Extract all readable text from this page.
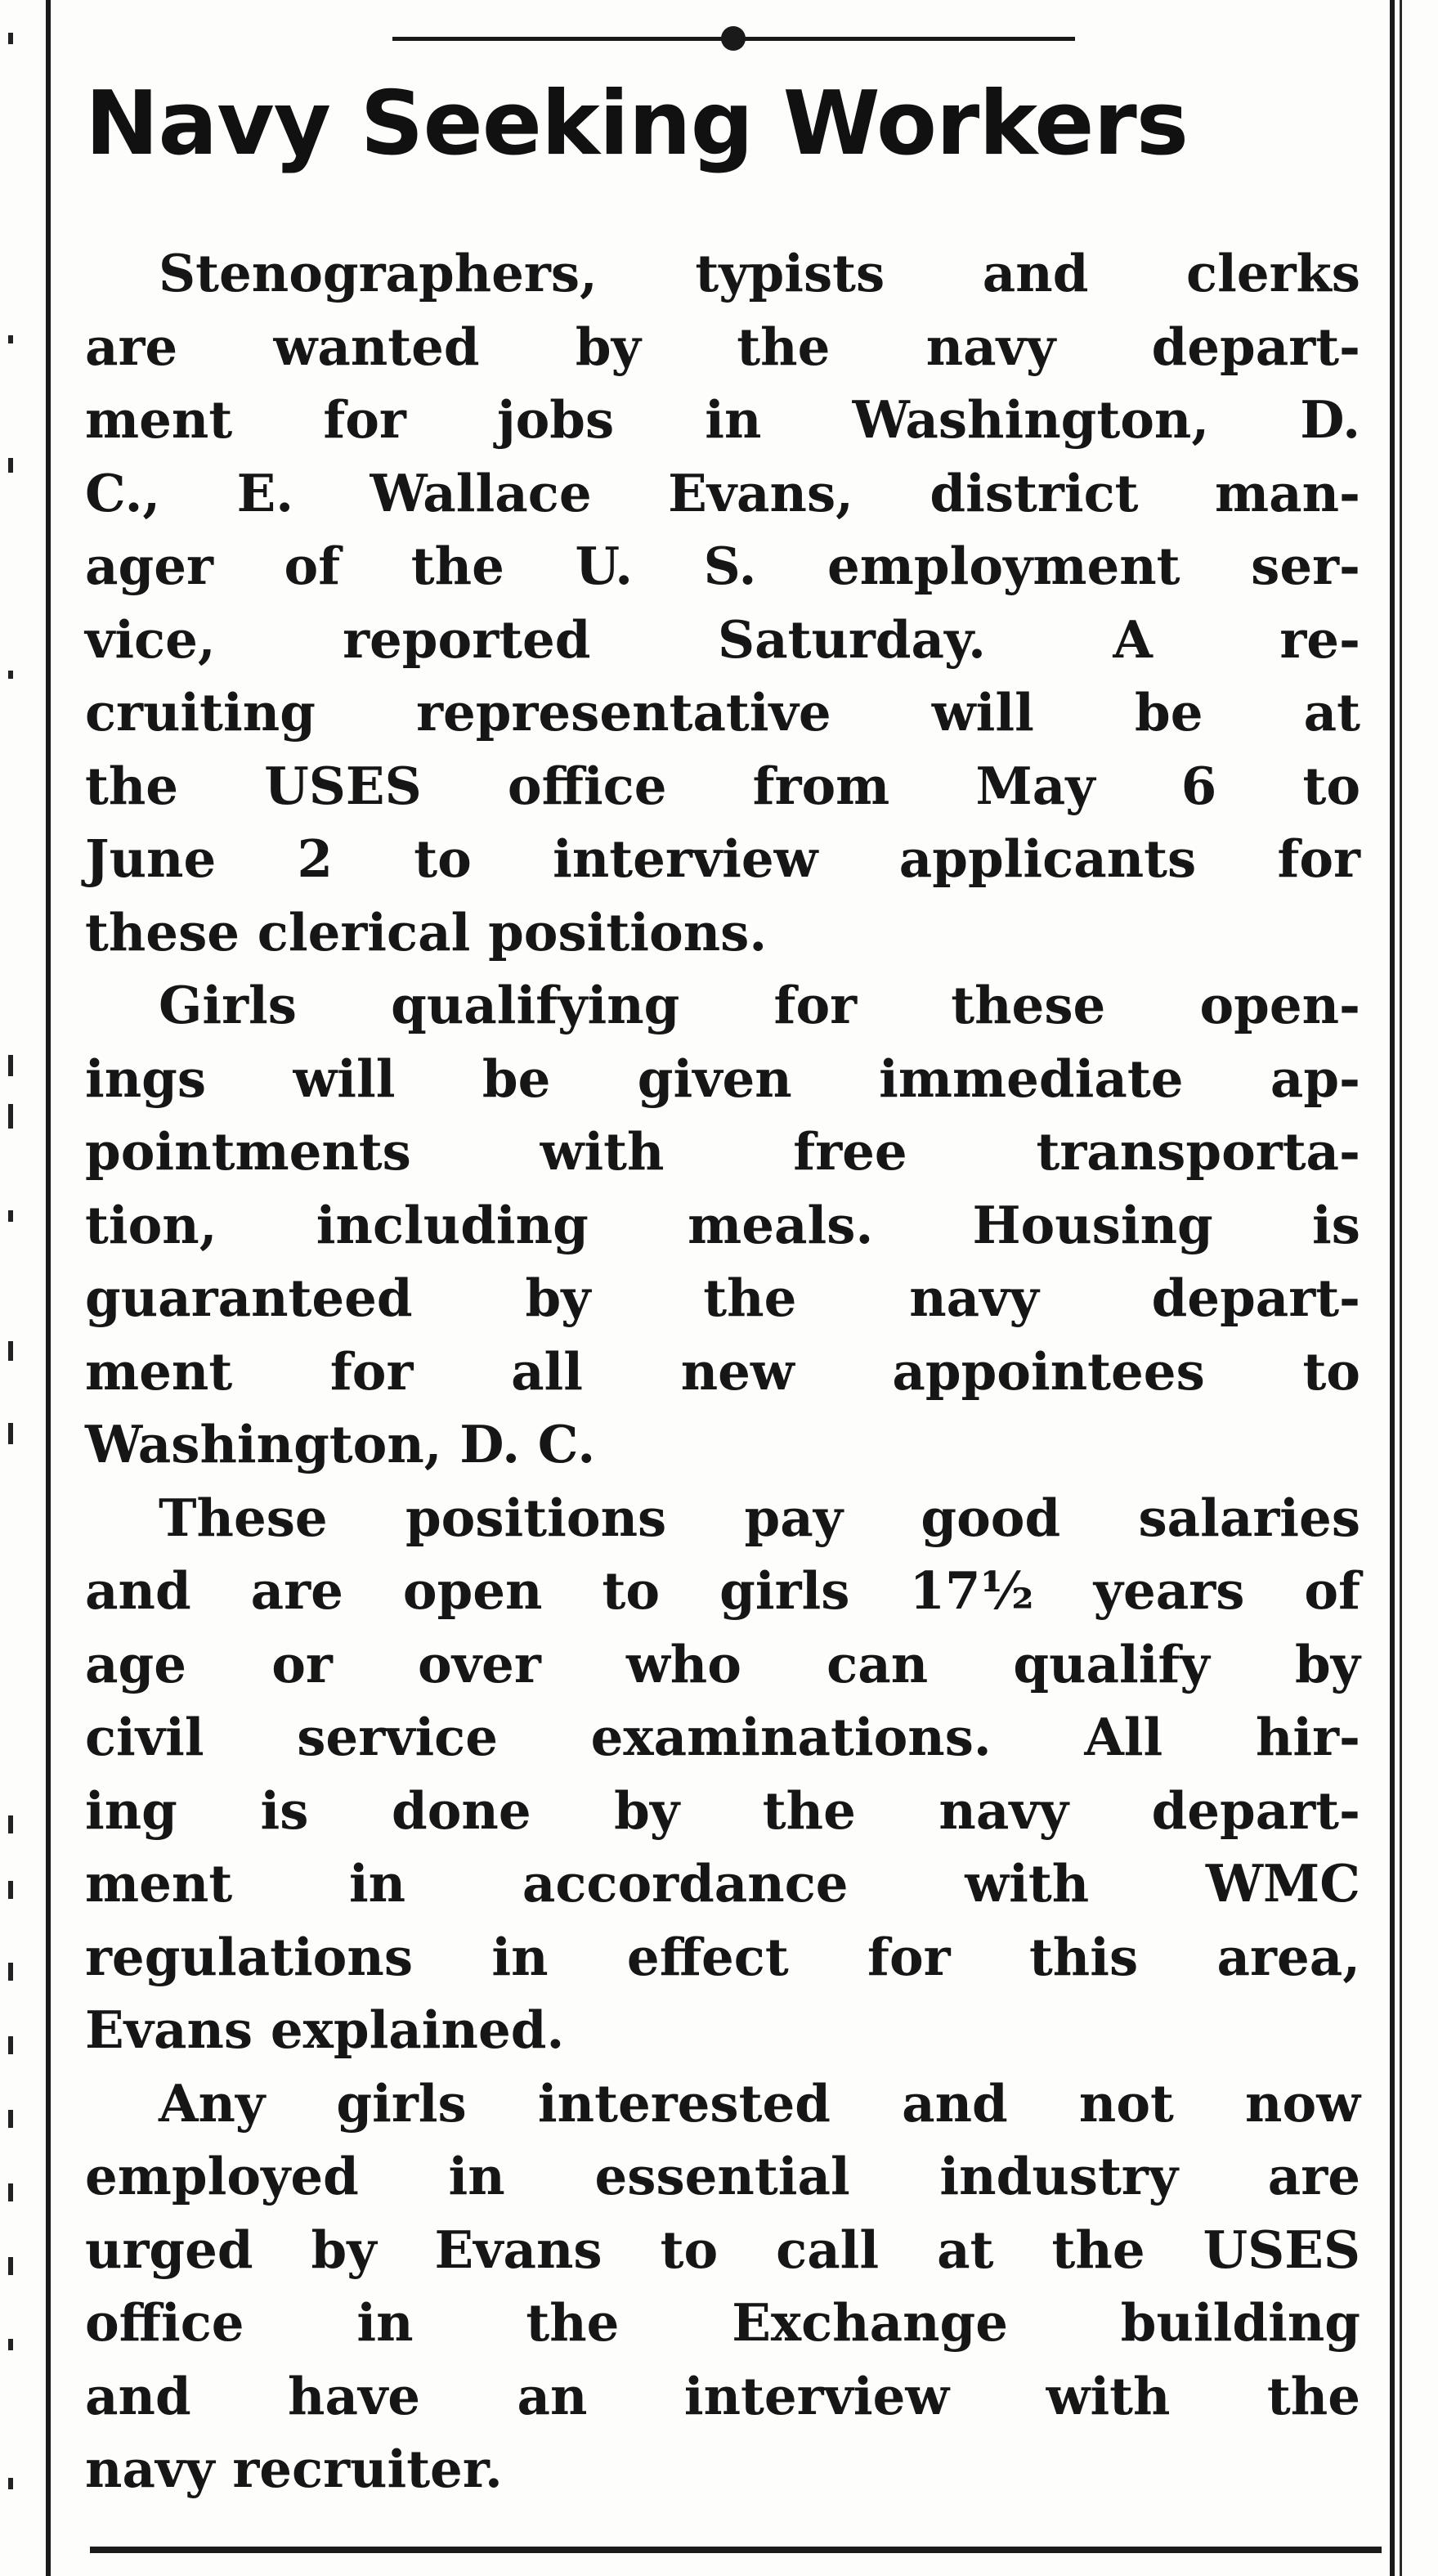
Navy Seeking Workers
Stenographers, typists and clerks
are wanted by the navy depart-
ment for jobs in Washington, D.
C., E. Wallace Evans, district man-
ager of the U. S. employment ser-
vice, reported Saturday. A re-
cruiting representative will be at
the USES office from May 6 to
June 2 to interview applicants for
these clerical positions.
Girls qualifying for these open-
ings will be given immediate ap-
pointments with free transporta-
tion, including meals. Housing is
guaranteed by the navy depart-
ment for all new appointees to
Washington, D. C.
These positions pay good salaries
and are open to girls 17½ years of
age or over who can qualify by
civil service examinations. All hir-
ing is done by the navy depart-
ment in accordance with WMC
regulations in effect for this area,
Evans explained.
Any girls interested and not now
employed in essential industry are
urged by Evans to call at the USES
office in the Exchange building
and have an interview with the
navy recruiter.
